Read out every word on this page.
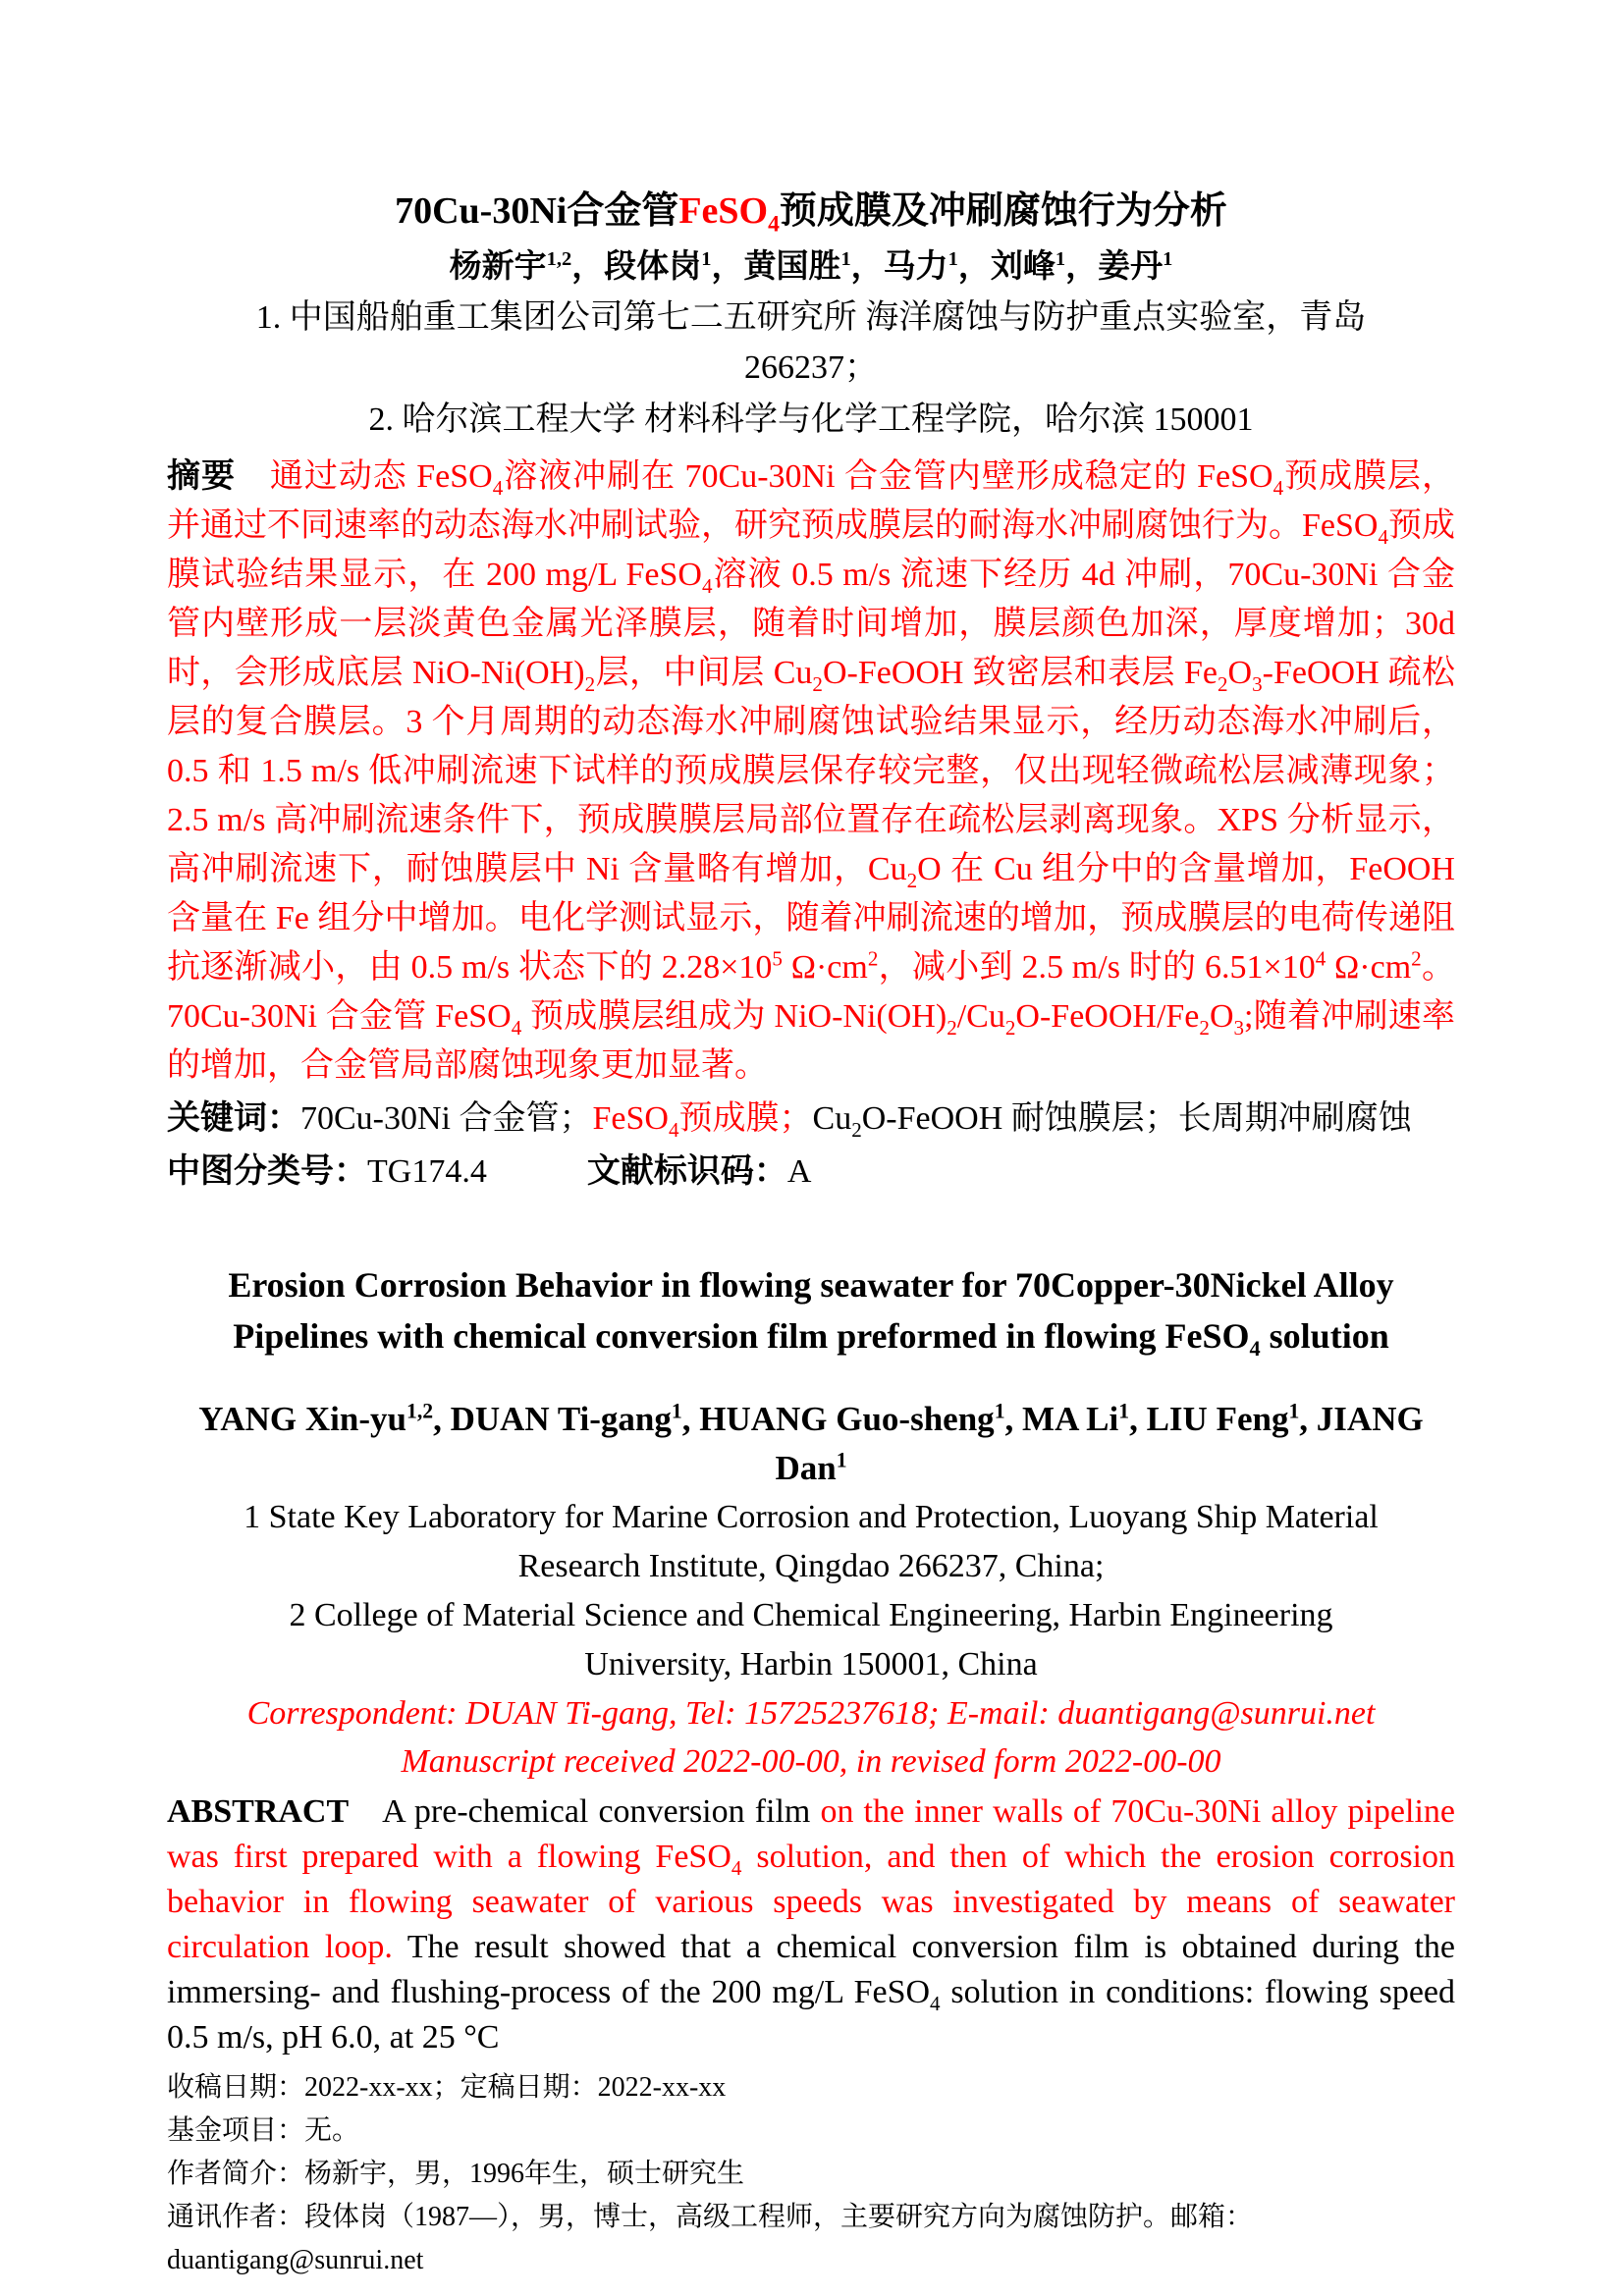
70Cu-30Ni合金管FeSO$_4$预成膜及冲刷腐蚀行为分析
杨新宇$^{1,2}$，段体岗$^1$，黄国胜$^1$，马力$^1$，刘峰$^1$，姜丹$^1$
1. 中国船舶重工集团公司第七二五研究所 海洋腐蚀与防护重点实验室，青岛
266237；
2. 哈尔滨工程大学 材料科学与化学工程学院，哈尔滨 150001

摘要　 通过动态 FeSO$_4$溶液冲刷在 70Cu-30Ni 合金管内壁形成稳定的 FeSO$_4$预成膜层，并通过不同速率的动态海水冲刷试验，研究预成膜层的耐海水冲刷腐蚀行为。FeSO$_4$预成膜试验结果显示，在 200 mg/L FeSO$_4$溶液 0.5 m/s 流速下经历 4d 冲刷，70Cu-30Ni 合金管内壁形成一层淡黄色金属光泽膜层，随着时间增加，膜层颜色加深，厚度增加；30d 时，会形成底层 NiO-$Ni(OH)_2$层，中间层 $Cu_2O$-FeOOH 致密层和表层 $Fe_2O_3$-FeOOH 疏松层的复合膜层。3 个月周期的动态海水冲刷腐蚀试验结果显示，经历动态海水冲刷后，0.5 和 1.5 m/s 低冲刷流速下试样的预成膜层保存较完整，仅出现轻微疏松层减薄现象；2.5 m/s 高冲刷流速条件下，预成膜膜层局部位置存在疏松层剥离现象。XPS 分析显示，高冲刷流速下，耐蚀膜层中 Ni 含量略有增加，$Cu_2O$ 在 Cu 组分中的含量增加，FeOOH 含量在 Fe 组分中增加。电化学测试显示，随着冲刷流速的增加，预成膜层的电荷传递阻抗逐渐减小，由 0.5 m/s 状态下的 $2.28\times 10^5$ $\Omega\cdot cm^2$，减小到 2.5 m/s 时的 $6.51\times 10^4$ $\Omega\cdot cm^2$。70Cu-30Ni 合金管 FeSO$_4$ 预成膜层组成为 NiO-$Ni(OH)_2/Cu_2O-FeOOH/Fe_2O_3$;随着冲刷速率的增加，合金管局部腐蚀现象更加显著。

关键词：70Cu-30Ni 合金管；FeSO$_4$预成膜；$Cu_2O$-FeOOH 耐蚀膜层；长周期冲刷腐蚀

中图分类号：TG174.4　　　	文献标识码：A

Erosion Corrosion Behavior in flowing seawater for 70Copper-30Nickel Alloy Pipelines with chemical conversion film preformed in flowing FeSO$_4$ solution
YANG Xin-yu$^{1,2}$, DUAN Ti-gang$^1$, HUANG Guo-sheng$^1$, MA Li$^1$, LIU Feng$^1$, JIANG Dan$^1$
1 State Key Laboratory for Marine Corrosion and Protection, Luoyang Ship Material
Research Institute, Qingdao 266237, China;
2 College of Material Science and Chemical Engineering, Harbin Engineering
University, Harbin 150001, China
Correspondent: DUAN Ti-gang, Tel: 15725237618; E-mail: duantigang@sunrui.net
Manuscript received 2022-00-00, in revised form 2022-00-00

ABSTRACT A pre-chemical conversion film on the inner walls of 70Cu-30Ni alloy pipeline was first prepared with a flowing FeSO$_4$ solution, and then of which the erosion corrosion behavior in flowing seawater of various speeds was investigated by means of seawater circulation loop. The result showed that a chemical conversion film is obtained during the immersing- and flushing-process of the 200 mg/L FeSO$_4$ solution in conditions: flowing speed 0.5 m/s, pH 6.0, at 25 °C

收稿日期：2022-xx-xx；定稿日期：2022-xx-xx
基金项目：无。
作者简介：杨新宇，男，1996年生，硕士研究生
通讯作者：段体岗（1987—），男，博士，高级工程师，主要研究方向为腐蚀防护。邮箱：duantigang@sunrui.net
